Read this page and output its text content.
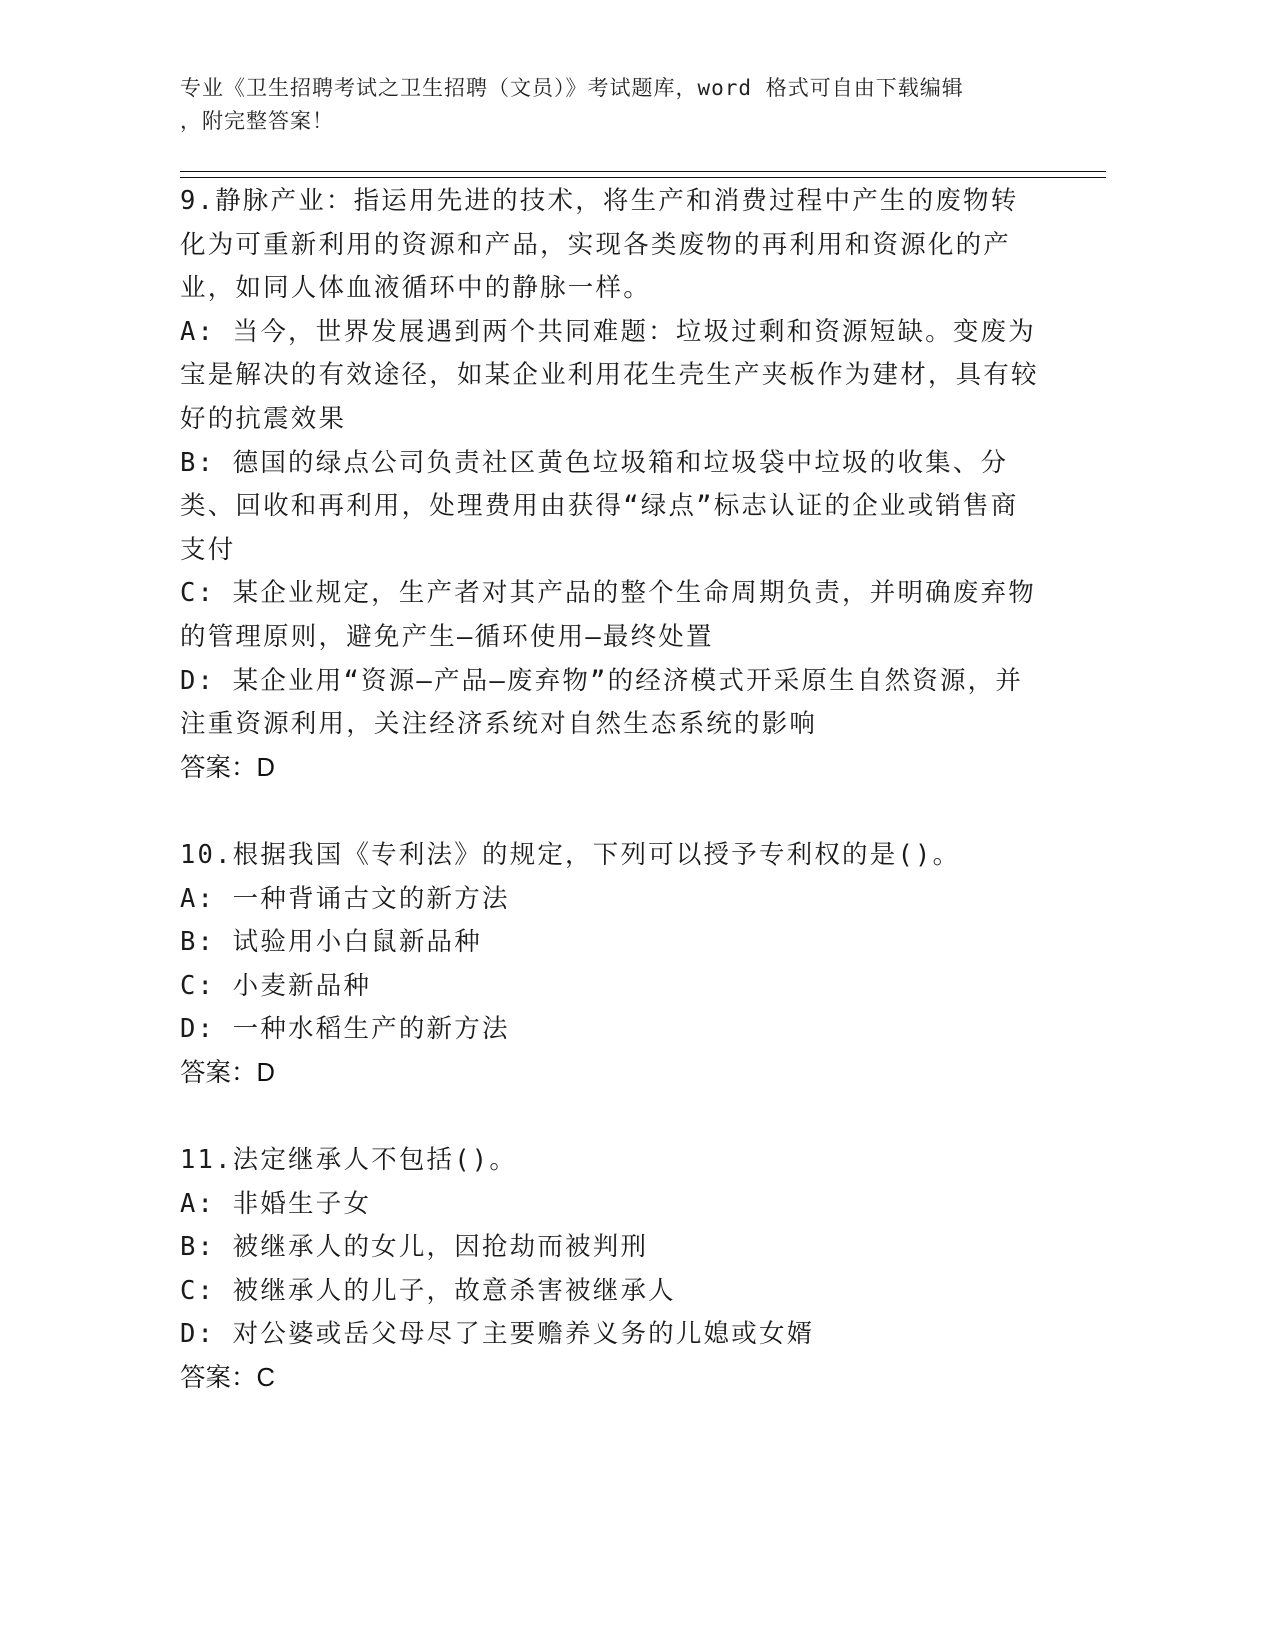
专业《卫生招聘考试之卫生招聘（文员）》考试题库，word 格式可自由下载编辑
，附完整答案！

9.静脉产业：指运用先进的技术，将生产和消费过程中产生的废物转化为可重新利用的资源和产品，实现各类废物的再利用和资源化的产业，如同人体血液循环中的静脉一样。

A: 当今，世界发展遇到两个共同难题：垃圾过剩和资源短缺。变废为宝是解决的有效途径，如某企业利用花生壳生产夹板作为建材，具有较好的抗震效果

B: 德国的绿点公司负责社区黄色垃圾箱和垃圾袋中垃圾的收集、分类、回收和再利用，处理费用由获得“绿点”标志认证的企业或销售商支付

C: 某企业规定，生产者对其产品的整个生命周期负责，并明确废弃物的管理原则，避免产生—循环使用—最终处置

D: 某企业用“资源—产品—废弃物”的经济模式开采原生自然资源，并注重资源利用，关注经济系统对自然生态系统的影响

答案：D

10.根据我国《专利法》的规定，下列可以授予专利权的是()。

A: 一种背诵古文的新方法

B: 试验用小白鼠新品种

C: 小麦新品种

D: 一种水稻生产的新方法

答案：D

11.法定继承人不包括()。

A: 非婚生子女

B: 被继承人的女儿，因抢劫而被判刑

C: 被继承人的儿子，故意杀害被继承人

D: 对公婆或岳父母尽了主要赡养义务的儿媳或女婿

答案：C
